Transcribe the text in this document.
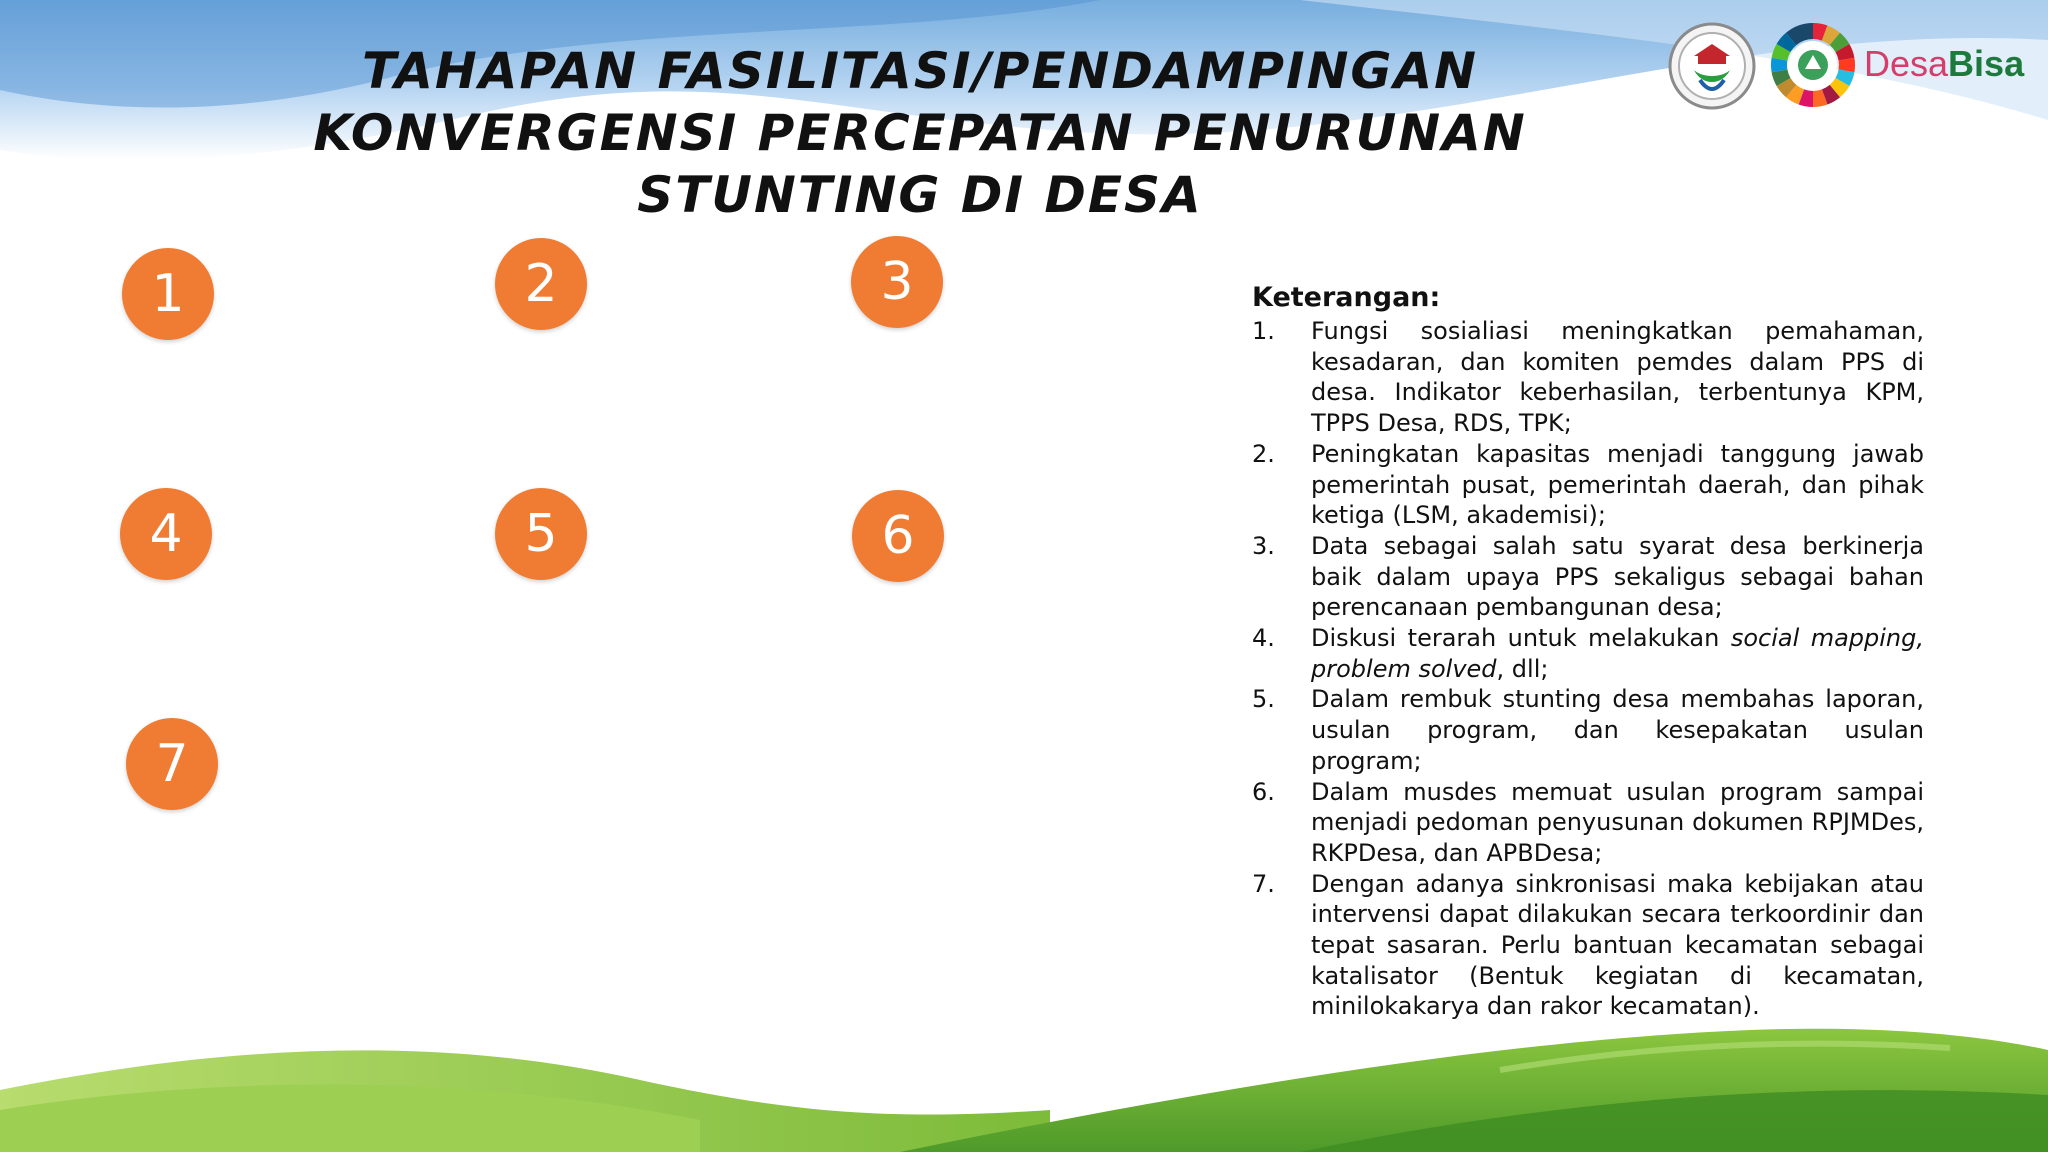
TAHAPAN FASILITASI/PENDAMPINGAN
KONVERGENSI PERCEPATAN PENURUNAN
STUNTING DI DESA
DesaBisa
1	2	3
4	5	6
7
Keterangan:
1. Fungsi sosialiasi meningkatkan pemahaman, kesadaran, dan komiten pemdes dalam PPS di desa. Indikator keberhasilan, terbentunya KPM, TPPS Desa, RDS, TPK;
2. Peningkatan kapasitas menjadi tanggung jawab pemerintah pusat, pemerintah daerah, dan pihak ketiga (LSM, akademisi);
3. Data sebagai salah satu syarat desa berkinerja baik dalam upaya PPS sekaligus sebagai bahan perencanaan pembangunan desa;
4. Diskusi terarah untuk melakukan social mapping, problem solved, dll;
5. Dalam rembuk stunting desa membahas laporan, usulan program, dan kesepakatan usulan program;
6. Dalam musdes memuat usulan program sampai menjadi pedoman penyusunan dokumen RPJMDes, RKPDesa, dan APBDesa;
7. Dengan adanya sinkronisasi maka kebijakan atau intervensi dapat dilakukan secara terkoordinir dan tepat sasaran. Perlu bantuan kecamatan sebagai katalisator (Bentuk kegiatan di kecamatan, minilokakarya dan rakor kecamatan).
